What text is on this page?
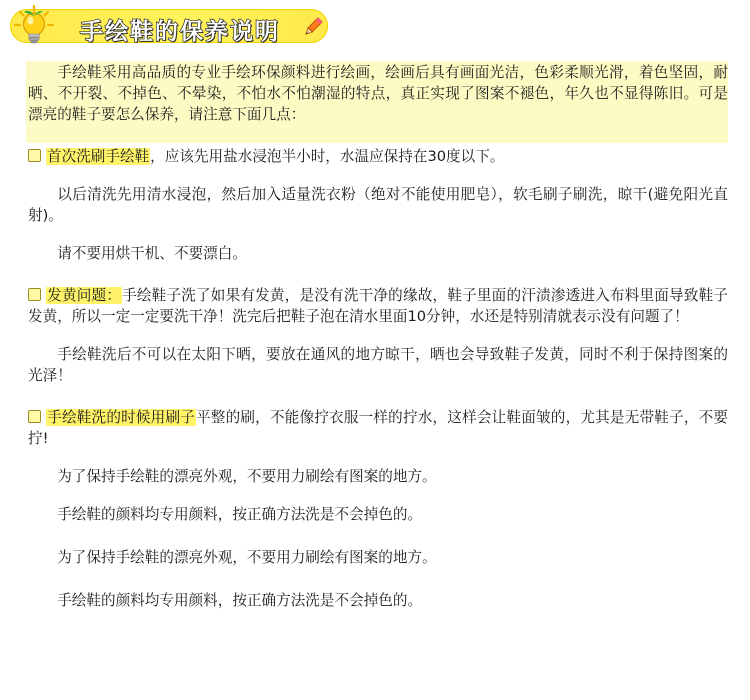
手绘鞋的保养说明

手绘鞋采用高品质的专业手绘环保颜料进行绘画，绘画后具有画面光洁，色彩柔顺光滑，着色坚固，耐晒、不开裂、不掉色、不晕染，不怕水不怕潮湿的特点，真正实现了图案不褪色，年久也不显得陈旧。可是漂亮的鞋子要怎么保养，请注意下面几点：

首次洗刷手绘鞋，应该先用盐水浸泡半小时，水温应保持在30度以下。

以后清洗先用清水浸泡，然后加入适量洗衣粉（绝对不能使用肥皂），软毛刷子刷洗，晾干(避免阳光直射)。

请不要用烘干机、不要漂白。

发黄问题：手绘鞋子洗了如果有发黄，是没有洗干净的缘故，鞋子里面的汗渍渗透进入布料里面导致鞋子发黄，所以一定一定要洗干净！洗完后把鞋子泡在清水里面10分钟，水还是特别清就表示没有问题了！

手绘鞋洗后不可以在太阳下晒，要放在通风的地方晾干，晒也会导致鞋子发黄，同时不利于保持图案的光泽！

手绘鞋洗的时候用刷子平整的刷，不能像拧衣服一样的拧水，这样会让鞋面皱的，尤其是无带鞋子，不要拧!

为了保持手绘鞋的漂亮外观，不要用力刷绘有图案的地方。

手绘鞋的颜料均专用颜料，按正确方法洗是不会掉色的。

为了保持手绘鞋的漂亮外观，不要用力刷绘有图案的地方。

手绘鞋的颜料均专用颜料，按正确方法洗是不会掉色的。
